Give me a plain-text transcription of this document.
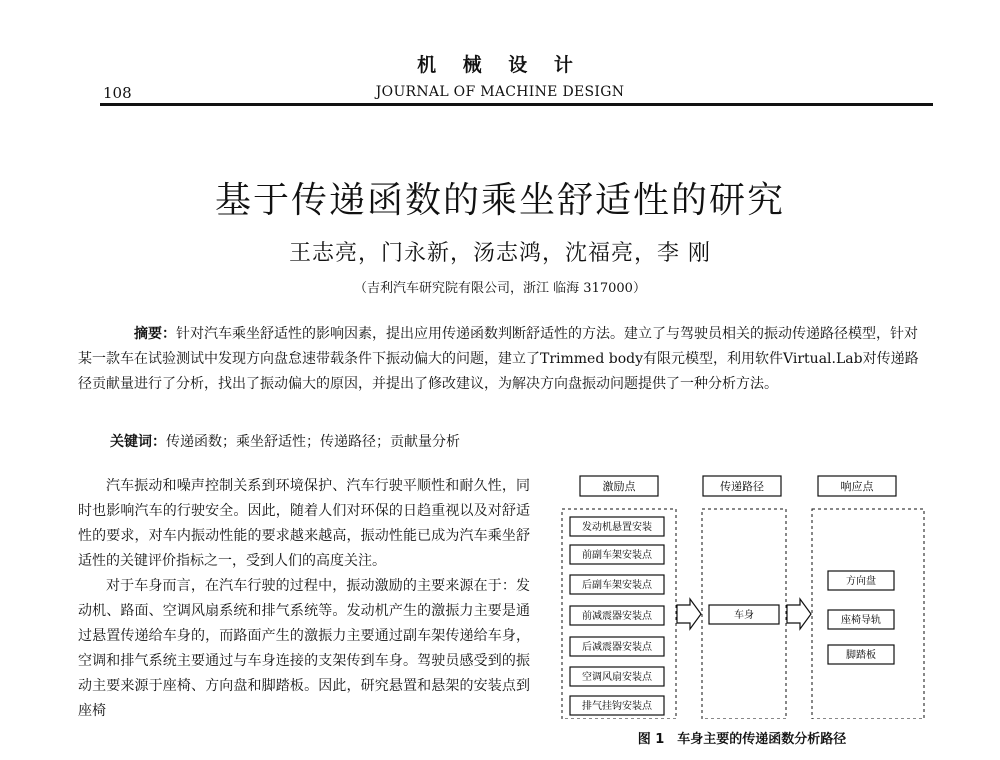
机 械 设 计
108	JOURNAL OF MACHINE DESIGN
基于传递函数的乘坐舒适性的研究
王志亮，门永新，汤志鸿，沈福亮，李 刚
（吉利汽车研究院有限公司，浙江 临海 317000）
摘要：针对汽车乘坐舒适性的影响因素，提出应用传递函数判断舒适性的方法。建立了与驾驶员相关的振动传递路径模型，针对某一款车在试验测试中发现方向盘怠速带载条件下振动偏大的问题，建立了Trimmed body有限元模型，利用软件Virtual.Lab对传递路径贡献量进行了分析，找出了振动偏大的原因，并提出了修改建议，为解决方向盘振动问题提供了一种分析方法。
关键词：传递函数；乘坐舒适性；传递路径；贡献量分析

汽车振动和噪声控制关系到环境保护、汽车行驶平顺性和耐久性，同时也影响汽车的行驶安全。因此，随着人们对环保的日趋重视以及对舒适性的要求，对车内振动性能的要求越来越高，振动性能已成为汽车乘坐舒适性的关键评价指标之一，受到人们的高度关注。

对于车身而言，在汽车行驶的过程中，振动激励的主要来源在于：发动机、路面、空调风扇系统和排气系统等。发动机产生的激振力主要是通过悬置传递给车身的，而路面产生的激振力主要通过副车架传递给车身，空调和排气系统主要通过与车身连接的支架传到车身。驾驶员感受到的振动主要来源于座椅、方向盘和脚踏板。因此，研究悬置和悬架的安装点到座椅

激励点	传递路径	响应点
发动机悬置安装
前副车架安装点
后副车架安装点
前减震器安装点
后减震器安装点
空调风扇安装点
排气挂钩安装点
车身
方向盘
座椅导轨
脚踏板
图 1　车身主要的传递函数分析路径
